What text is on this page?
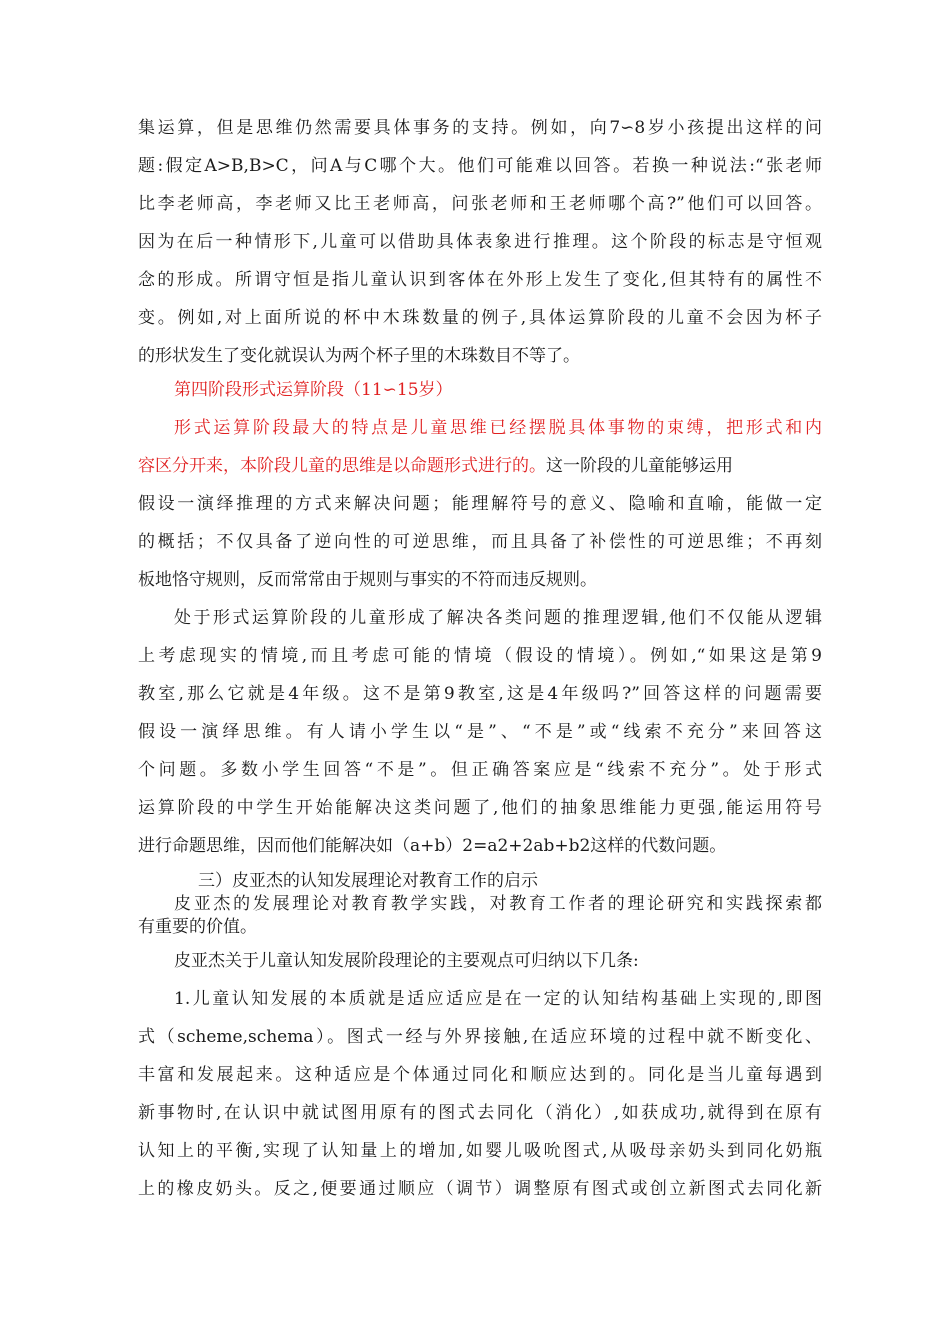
集运算，但是思维仍然需要具体事务的支持。例如，向7∽8岁小孩提出这样的问
题:假定A>B,B>C，问A与C哪个大。他们可能难以回答。若换一种说法:“张老师
比李老师高，李老师又比王老师高，问张老师和王老师哪个高?”他们可以回答。
因为在后一种情形下,儿童可以借助具体表象进行推理。这个阶段的标志是守恒观
念的形成。所谓守恒是指儿童认识到客体在外形上发生了变化,但其特有的属性不
变。例如,对上面所说的杯中木珠数量的例子,具体运算阶段的儿童不会因为杯子
的形状发生了变化就误认为两个杯子里的木珠数目不等了。
第四阶段形式运算阶段（11∽15岁）
形式运算阶段最大的特点是儿童思维已经摆脱具体事物的束缚，把形式和内
容区分开来，本阶段儿童的思维是以命题形式进行的。这一阶段的儿童能够运用
假设一演绎推理的方式来解决问题；能理解符号的意义、隐喻和直喻，能做一定
的概括；不仅具备了逆向性的可逆思维，而且具备了补偿性的可逆思维；不再刻
板地恪守规则，反而常常由于规则与事实的不符而违反规则。
处于形式运算阶段的儿童形成了解决各类问题的推理逻辑,他们不仅能从逻辑
上考虑现实的情境,而且考虑可能的情境（假设的情境）。例如,“如果这是第9
教室,那么它就是4年级。这不是第9教室,这是4年级吗?”回答这样的问题需要
假设一演绎思维。有人请小学生以“是”、“不是”或“线索不充分”来回答这
个问题。多数小学生回答“不是”。但正确答案应是“线索不充分”。处于形式
运算阶段的中学生开始能解决这类问题了,他们的抽象思维能力更强,能运用符号
进行命题思维，因而他们能解决如（a+b）2=a2+2ab+b2这样的代数问题。
三）皮亚杰的认知发展理论对教育工作的启示
皮亚杰的发展理论对教育教学实践，对教育工作者的理论研究和实践探索都
有重要的价值。
皮亚杰关于儿童认知发展阶段理论的主要观点可归纳以下几条:
1.儿童认知发展的本质就是适应适应是在一定的认知结构基础上实现的,即图
式（scheme,schema）。图式一经与外界接触,在适应环境的过程中就不断变化、
丰富和发展起来。这种适应是个体通过同化和顺应达到的。同化是当儿童每遇到
新事物时,在认识中就试图用原有的图式去同化（消化）,如获成功,就得到在原有
认知上的平衡,实现了认知量上的增加,如婴儿吸吮图式,从吸母亲奶头到同化奶瓶
上的橡皮奶头。反之,便要通过顺应（调节）调整原有图式或创立新图式去同化新
